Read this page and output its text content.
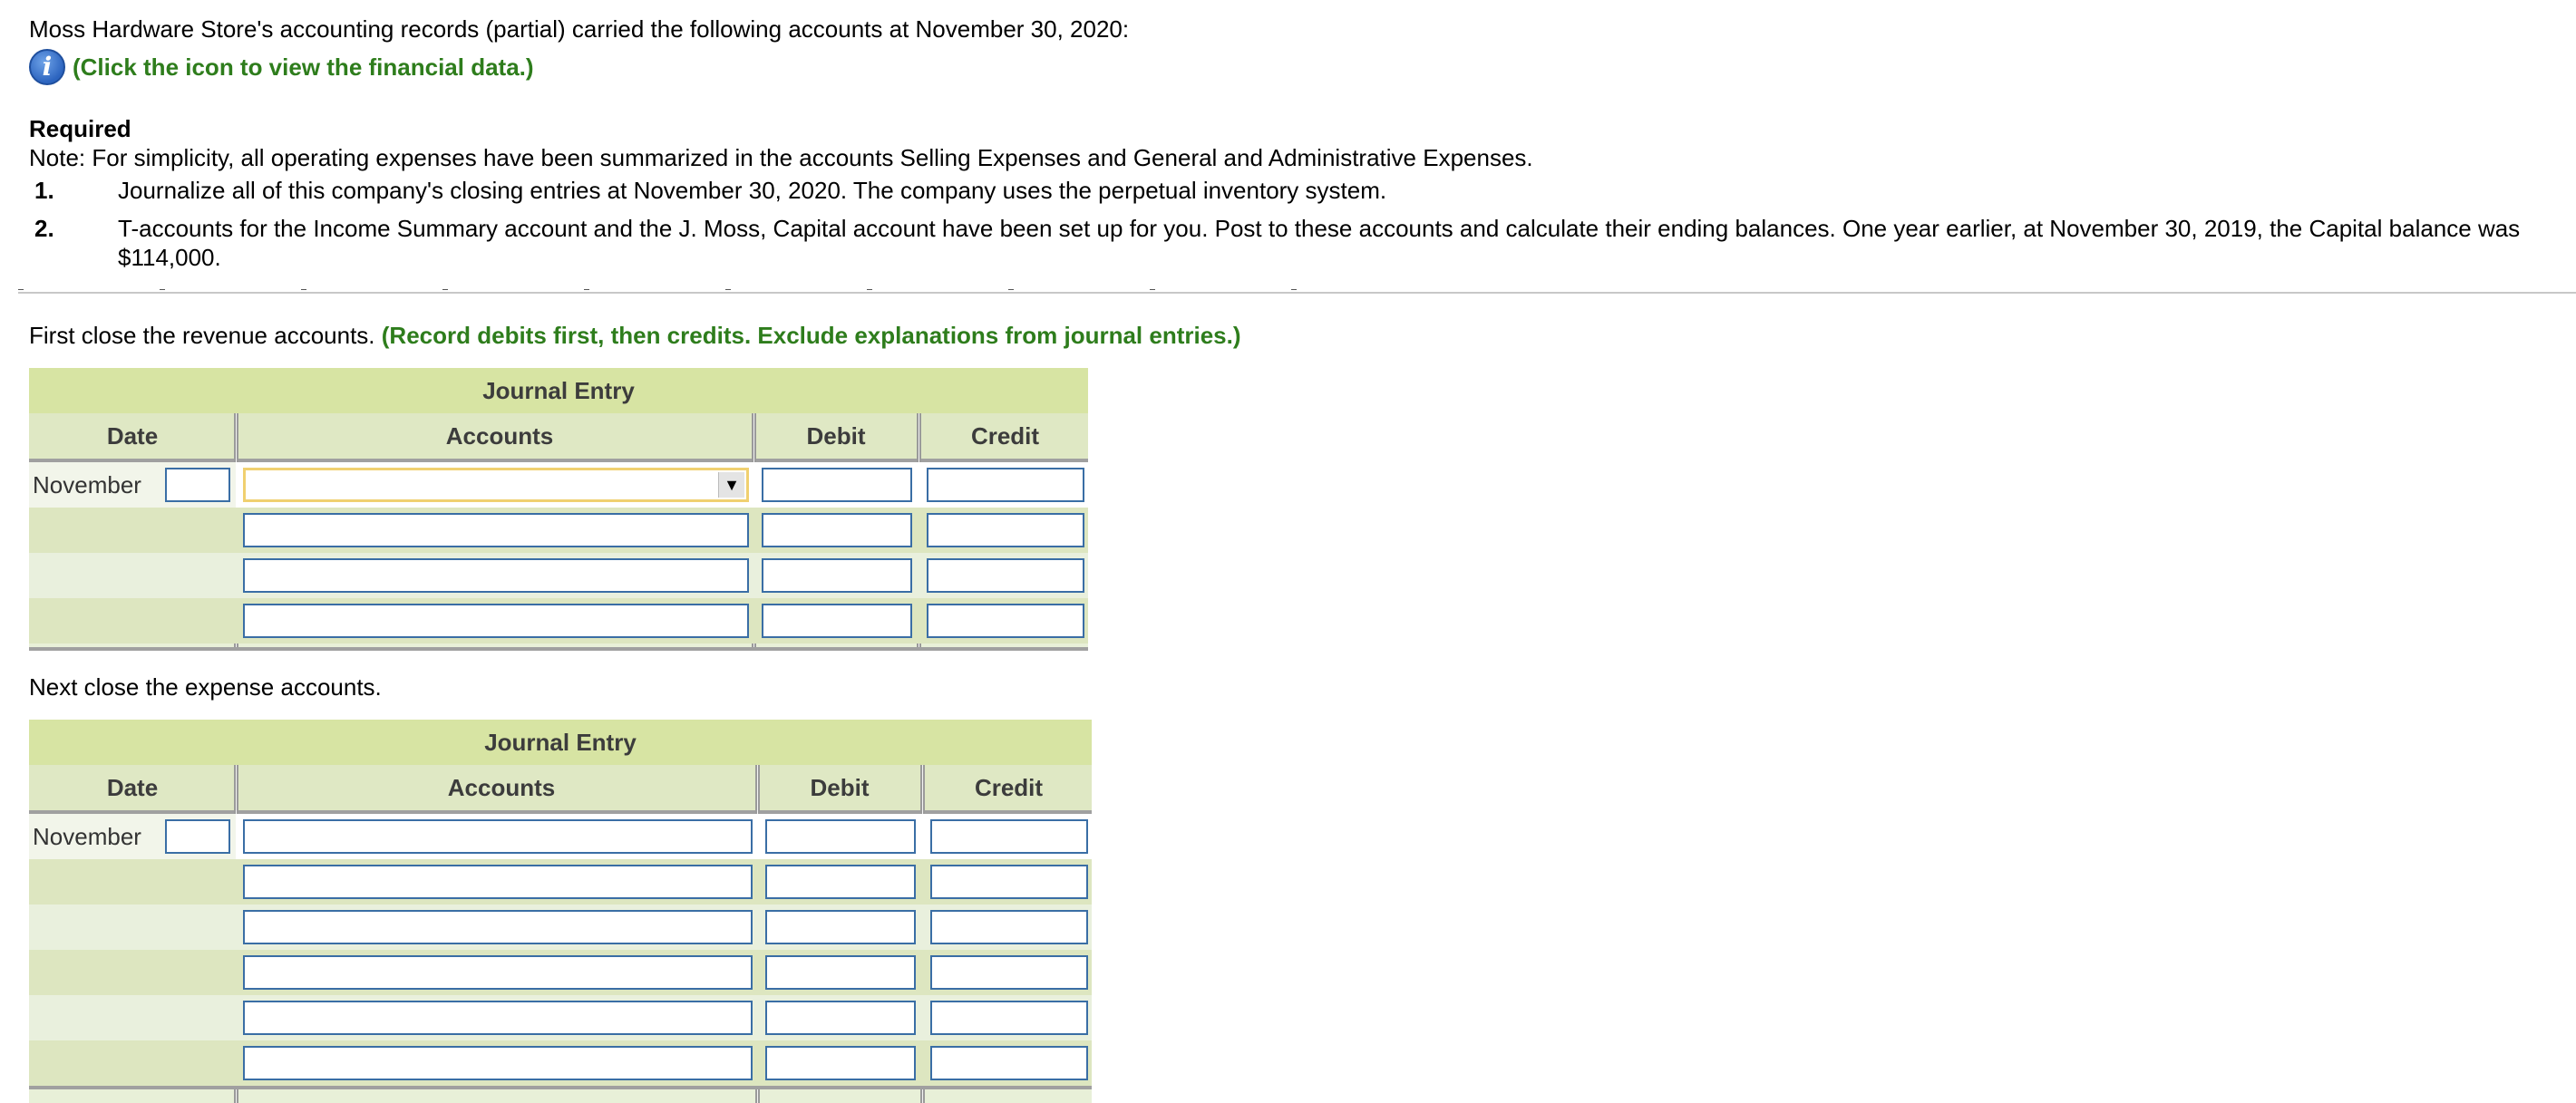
Moss Hardware Store's accounting records (partial) carried the following accounts at November 30, 2020:
i (Click the icon to view the financial data.)
Required
Note: For simplicity, all operating expenses have been summarized in the accounts Selling Expenses and General and Administrative Expenses.
1.	Journalize all of this company's closing entries at November 30, 2020. The company uses the perpetual inventory system.
2.	T-accounts for the Income Summary account and the J. Moss, Capital account have been set up for you. Post to these accounts and calculate their ending balances. One year earlier, at November 30, 2019, the Capital balance was $114,000.
First close the revenue accounts. (Record debits first, then credits. Exclude explanations from journal entries.)
Journal Entry
Date	Accounts	Debit	Credit
November	▼
Next close the expense accounts.
Journal Entry
Date	Accounts	Debit	Credit
November
